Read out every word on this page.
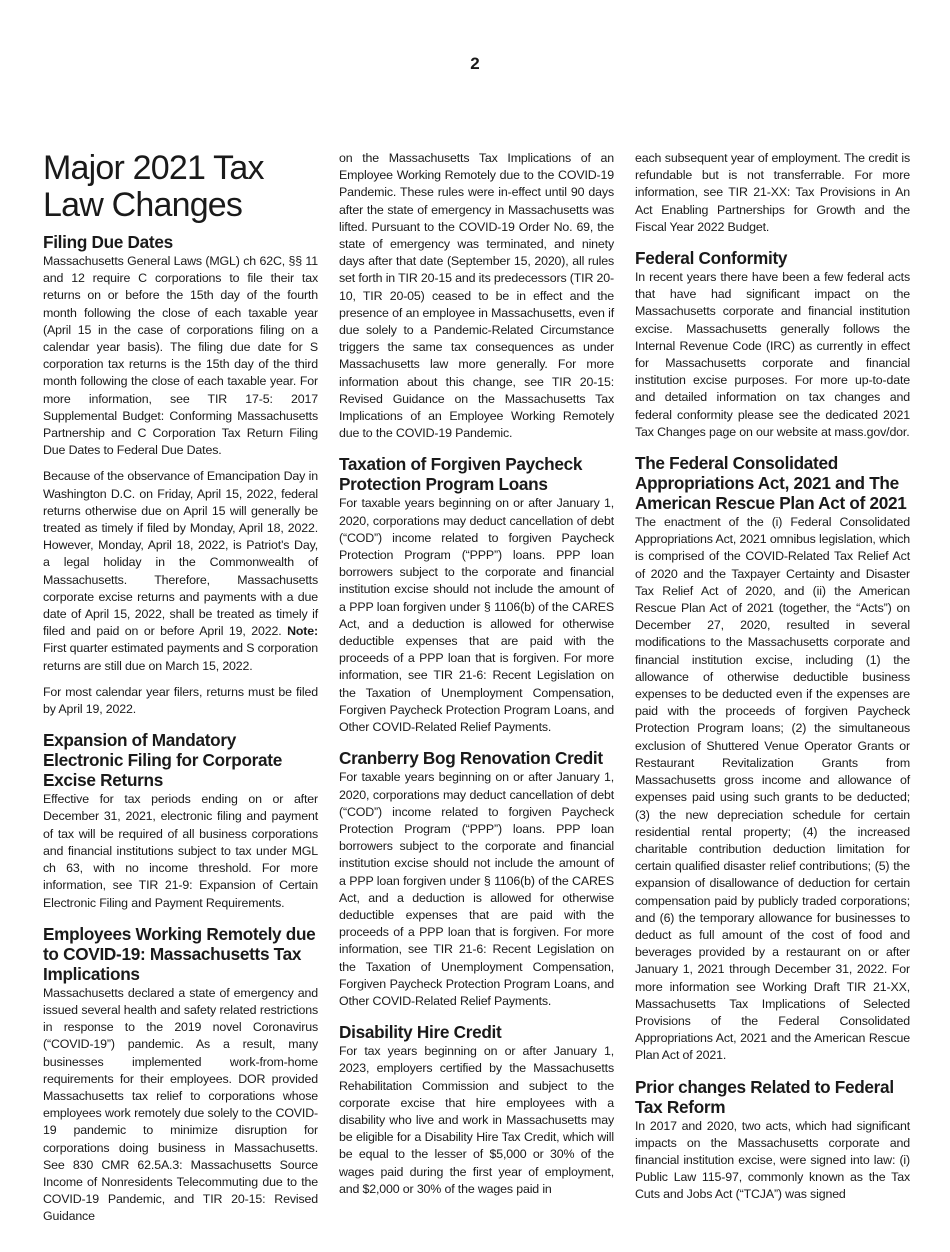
2
Major 2021 Tax Law Changes
Filing Due Dates

Massachusetts General Laws (MGL) ch 62C, §§ 11 and 12 require C corporations to file their tax returns on or before the 15th day of the fourth month following the close of each taxable year (April 15 in the case of corporations filing on a calendar year basis). The filing due date for S corporation tax returns is the 15th day of the third month following the close of each taxable year. For more information, see TIR 17-5: 2017 Supplemental Budget: Conforming Massachusetts Partnership and C Corporation Tax Return Filing Due Dates to Federal Due Dates.

Because of the observance of Emancipation Day in Washington D.C. on Friday, April 15, 2022, federal returns otherwise due on April 15 will generally be treated as timely if filed by Monday, April 18, 2022. However, Monday, April 18, 2022, is Patriot's Day, a legal holiday in the Commonwealth of Massachusetts. Therefore, Massachusetts corporate excise returns and payments with a due date of April 15, 2022, shall be treated as timely if filed and paid on or before April 19, 2022. Note: First quarter estimated payments and S corporation returns are still due on March 15, 2022.

For most calendar year filers, returns must be filed by April 19, 2022.

Expansion of Mandatory Electronic Filing for Corporate Excise Returns

Effective for tax periods ending on or after December 31, 2021, electronic filing and payment of tax will be required of all business corporations and financial institutions subject to tax under MGL ch 63, with no income threshold. For more information, see TIR 21-9: Expansion of Certain Electronic Filing and Payment Requirements.

Employees Working Remotely due to COVID-19: Massachusetts Tax Implications

Massachusetts declared a state of emergency and issued several health and safety related restrictions in response to the 2019 novel Coronavirus (“COVID-19”) pandemic. As a result, many businesses implemented work-from-home requirements for their employees. DOR provided Massachusetts tax relief to corporations whose employees work remotely due solely to the COVID-19 pandemic to minimize disruption for corporations doing business in Massachusetts. See 830 CMR 62.5A.3: Massachusetts Source Income of Nonresidents Telecommuting due to the COVID-19 Pandemic, and TIR 20-15: Revised Guidance

on the Massachusetts Tax Implications of an Employee Working Remotely due to the COVID-19 Pandemic. These rules were in-effect until 90 days after the state of emergency in Massachusetts was lifted. Pursuant to the COVID-19 Order No. 69, the state of emergency was terminated, and ninety days after that date (September 15, 2020), all rules set forth in TIR 20-15 and its predecessors (TIR 20-10, TIR 20-05) ceased to be in effect and the presence of an employee in Massachusetts, even if due solely to a Pandemic-Related Circumstance triggers the same tax consequences as under Massachusetts law more generally. For more information about this change, see TIR 20-15: Revised Guidance on the Massachusetts Tax Implications of an Employee Working Remotely due to the COVID-19 Pandemic.

Taxation of Forgiven Paycheck Protection Program Loans

For taxable years beginning on or after January 1, 2020, corporations may deduct cancellation of debt (“COD”) income related to forgiven Paycheck Protection Program (“PPP”) loans. PPP loan borrowers subject to the corporate and financial institution excise should not include the amount of a PPP loan forgiven under § 1106(b) of the CARES Act, and a deduction is allowed for otherwise deductible expenses that are paid with the proceeds of a PPP loan that is forgiven. For more information, see TIR 21-6: Recent Legislation on the Taxation of Unemployment Compensation, Forgiven Paycheck Protection Program Loans, and Other COVID-Related Relief Payments.

Cranberry Bog Renovation Credit

For taxable years beginning on or after January 1, 2020, corporations may deduct cancellation of debt (“COD”) income related to forgiven Paycheck Protection Program (“PPP”) loans. PPP loan borrowers subject to the corporate and financial institution excise should not include the amount of a PPP loan forgiven under § 1106(b) of the CARES Act, and a deduction is allowed for otherwise deductible expenses that are paid with the proceeds of a PPP loan that is forgiven. For more information, see TIR 21-6: Recent Legislation on the Taxation of Unemployment Compensation, Forgiven Paycheck Protection Program Loans, and Other COVID-Related Relief Payments.

Disability Hire Credit

For tax years beginning on or after January 1, 2023, employers certified by the Massachusetts Rehabilitation Commission and subject to the corporate excise that hire employees with a disability who live and work in Massachusetts may be eligible for a Disability Hire Tax Credit, which will be equal to the lesser of $5,000 or 30% of the wages paid during the first year of employment, and $2,000 or 30% of the wages paid in

each subsequent year of employment. The credit is refundable but is not transferrable. For more information, see TIR 21-XX: Tax Provisions in An Act Enabling Partnerships for Growth and the Fiscal Year 2022 Budget.

Federal Conformity

In recent years there have been a few federal acts that have had significant impact on the Massachusetts corporate and financial institution excise. Massachusetts generally follows the Internal Revenue Code (IRC) as currently in effect for Massachusetts corporate and financial institution excise purposes. For more up-to-date and detailed information on tax changes and federal conformity please see the dedicated 2021 Tax Changes page on our website at mass.gov/dor.

The Federal Consolidated Appropriations Act, 2021 and The American Rescue Plan Act of 2021

The enactment of the (i) Federal Consolidated Appropriations Act, 2021 omnibus legislation, which is comprised of the COVID-Related Tax Relief Act of 2020 and the Taxpayer Certainty and Disaster Tax Relief Act of 2020, and (ii) the American Rescue Plan Act of 2021 (together, the “Acts”) on December 27, 2020, resulted in several modifications to the Massachusetts corporate and financial institution excise, including (1) the allowance of otherwise deductible business expenses to be deducted even if the expenses are paid with the proceeds of forgiven Paycheck Protection Program loans; (2) the simultaneous exclusion of Shuttered Venue Operator Grants or Restaurant Revitalization Grants from Massachusetts gross income and allowance of expenses paid using such grants to be deducted; (3) the new depreciation schedule for certain residential rental property; (4) the increased charitable contribution deduction limitation for certain qualified disaster relief contributions; (5) the expansion of disallowance of deduction for certain compensation paid by publicly traded corporations; and (6) the temporary allowance for businesses to deduct as full amount of the cost of food and beverages provided by a restaurant on or after January 1, 2021 through December 31, 2022. For more information see Working Draft TIR 21-XX, Massachusetts Tax Implications of Selected Provisions of the Federal Consolidated Appropriations Act, 2021 and the American Rescue Plan Act of 2021.

Prior changes Related to Federal Tax Reform

In 2017 and 2020, two acts, which had significant impacts on the Massachusetts corporate and financial institution excise, were signed into law: (i) Public Law 115-97, commonly known as the Tax Cuts and Jobs Act (“TCJA”) was signed
